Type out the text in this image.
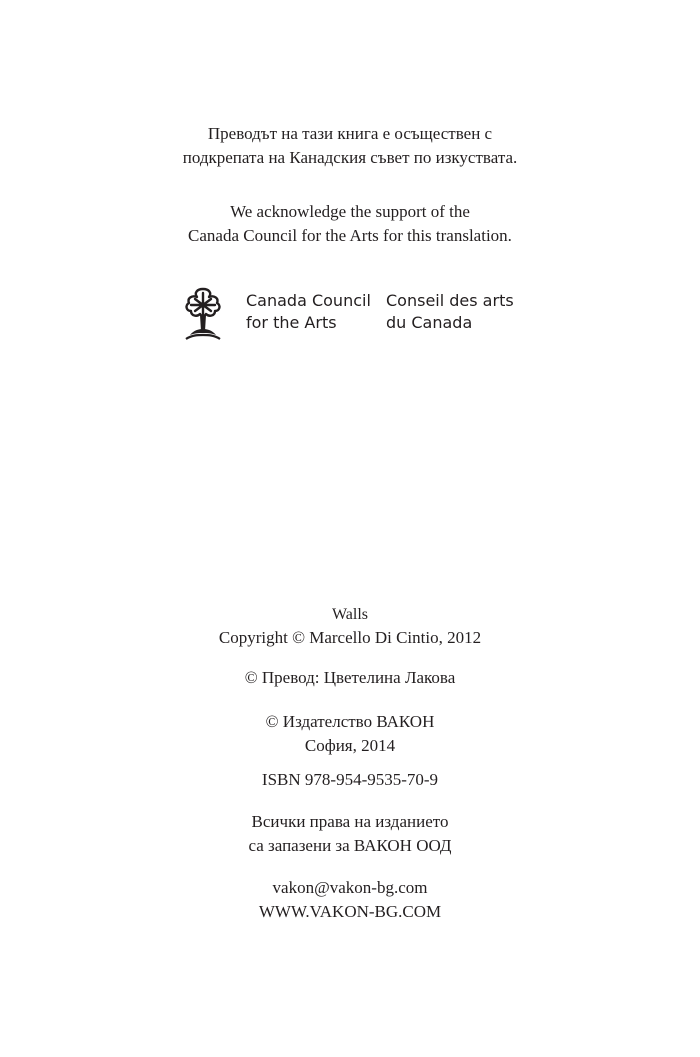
Преводът на тази книга е осъществен с
подкрепата на Канадския съвет по изкуствата.
We acknowledge the support of the
Canada Council for the Arts for this translation.
Canada Council
for the Arts
Conseil des arts
du Canada
Walls
Copyright © Marcello Di Cintio, 2012
© Превод: Цветелина Лакова
© Издателство ВАКОН
София, 2014
ISBN 978-954-9535-70-9
Всички права на изданието
са запазени за ВАКОН ООД
vakon@vakon-bg.com
WWW.VAKON-BG.COM
